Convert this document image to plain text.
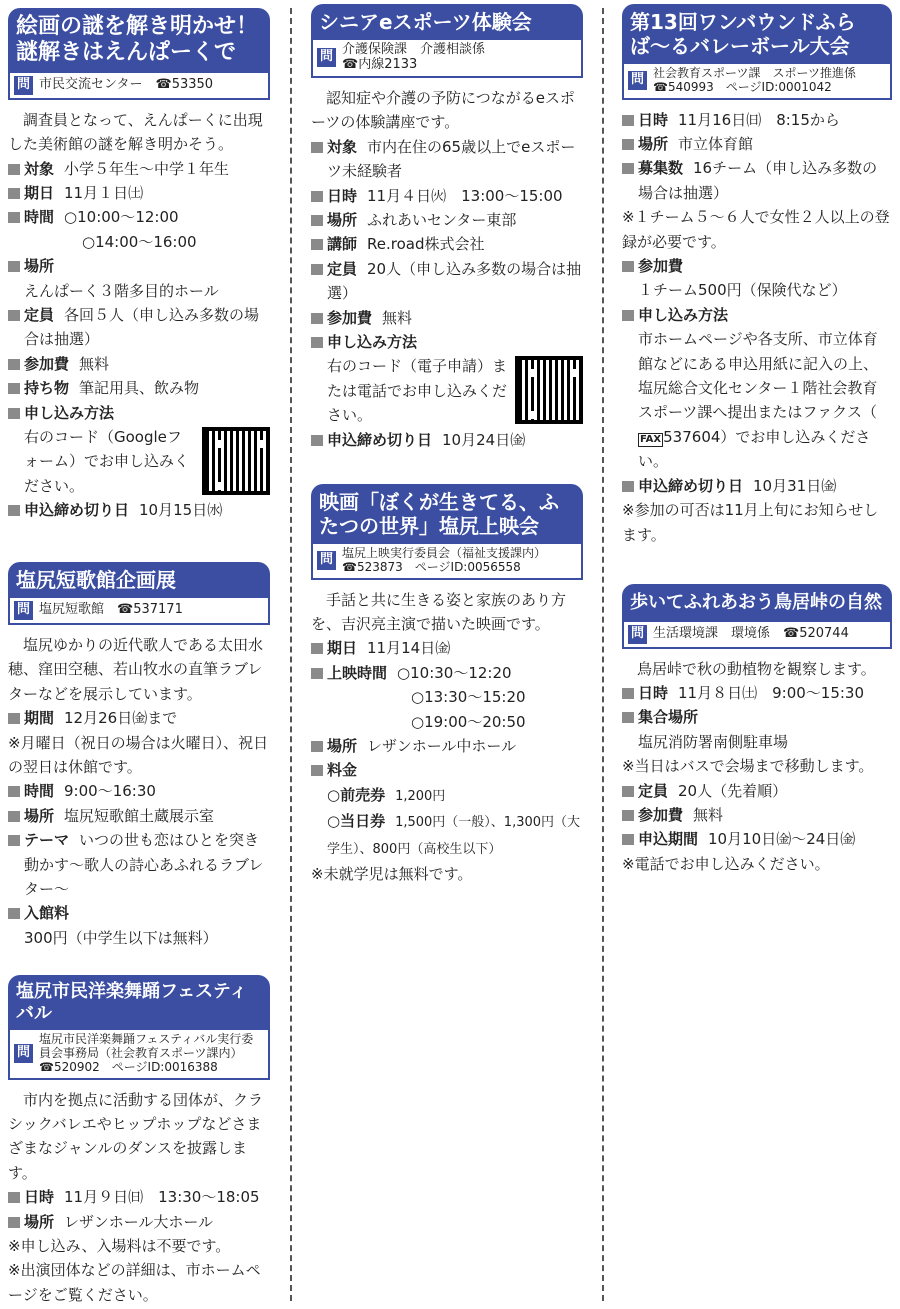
絵画の謎を解き明かせ！
謎解きはえんぱーくで
問 市民交流センター　☎53350
調査員となって、えんぱーくに出現した美術館の謎を解き明かそう。
対象 小学５年生〜中学１年生
期日 11月１日㈯
時間 ○10:00〜12:00
○14:00〜16:00
場所
えんぱーく３階多目的ホール
定員 各回５人（申し込み多数の場合は抽選）
参加費 無料
持ち物 筆記用具、飲み物
申し込み方法
右のコード（Googleフォーム）でお申し込みください。
申込締め切り日 10月15日㈬
塩尻短歌館企画展
問 塩尻短歌館　☎537171
塩尻ゆかりの近代歌人である太田水穂、窪田空穂、若山牧水の直筆ラブレターなどを展示しています。
期間 12月26日㈮まで
※月曜日（祝日の場合は火曜日）、祝日の翌日は休館です。
時間 9:00〜16:30
場所 塩尻短歌館土蔵展示室
テーマ いつの世も恋はひとを突き動かす〜歌人の詩心あふれるラブレター〜
入館料300円（中学生以下は無料）
塩尻市民洋楽舞踊フェスティバル
問
塩尻市民洋楽舞踊フェスティバル実行委員会事務局（社会教育スポーツ課内）
☎520902　ページID:0016388
市内を拠点に活動する団体が、クラシックバレエやヒップホップなどさまざまなジャンルのダンスを披露します。
日時 11月９日㈰　13:30〜18:05
場所 レザンホール大ホール
※申し込み、入場料は不要です。
※出演団体などの詳細は、市ホームページをご覧ください。
シニアeスポーツ体験会
問 介護保険課　介護相談係
☎内線2133
認知症や介護の予防につながるeスポーツの体験講座です。
対象 市内在住の65歳以上でeスポーツ未経験者
日時 11月４日㈫　13:00〜15:00
場所 ふれあいセンター東部
講師 Re.road株式会社
定員 20人（申し込み多数の場合は抽選）
参加費 無料
申し込み方法
右のコード（電子申請）または電話でお申し込みください。
申込締め切り日 10月24日㈮
映画「ぼくが生きてる、ふ
たつの世界」塩尻上映会
問 塩尻上映実行委員会（福祉支援課内）
☎523873　ページID:0056558
手話と共に生きる姿と家族のあり方を、吉沢亮主演で描いた映画です。
期日 11月14日㈮
上映時間 ○10:30〜12:20
○13:30〜15:20
○19:00〜20:50
場所 レザンホール中ホール
料金
○前売券 1,200円
○当日券 1,500円（一般）、1,300円（大学生）、800円（高校生以下）
※未就学児は無料です。
第13回ワンバウンドふら
ば〜るバレーボール大会
問 社会教育スポーツ課　スポーツ推進係
☎540993　ページID:0001042
日時 11月16日㈰　8:15から
場所 市立体育館
募集数 16チーム（申し込み多数の場合は抽選）
※１チーム５〜６人で女性２人以上の登録が必要です。
参加費
１チーム500円（保険代など）
申し込み方法
市ホームページや各支所、市立体育館などにある申込用紙に記入の上、塩尻総合文化センター１階社会教育スポーツ課へ提出またはファクス（FAX 537604）でお申し込みください。
申込締め切り日 10月31日㈮
※参加の可否は11月上旬にお知らせします。
歩いてふれあおう鳥居峠の自然
問 生活環境課　環境係　☎520744
鳥居峠で秋の動植物を観察します。
日時 11月８日㈯　9:00〜15:30
集合場所
塩尻消防署南側駐車場
※当日はバスで会場まで移動します。
定員 20人（先着順）
参加費 無料
申込期間 10月10日㈮〜24日㈮
※電話でお申し込みください。
